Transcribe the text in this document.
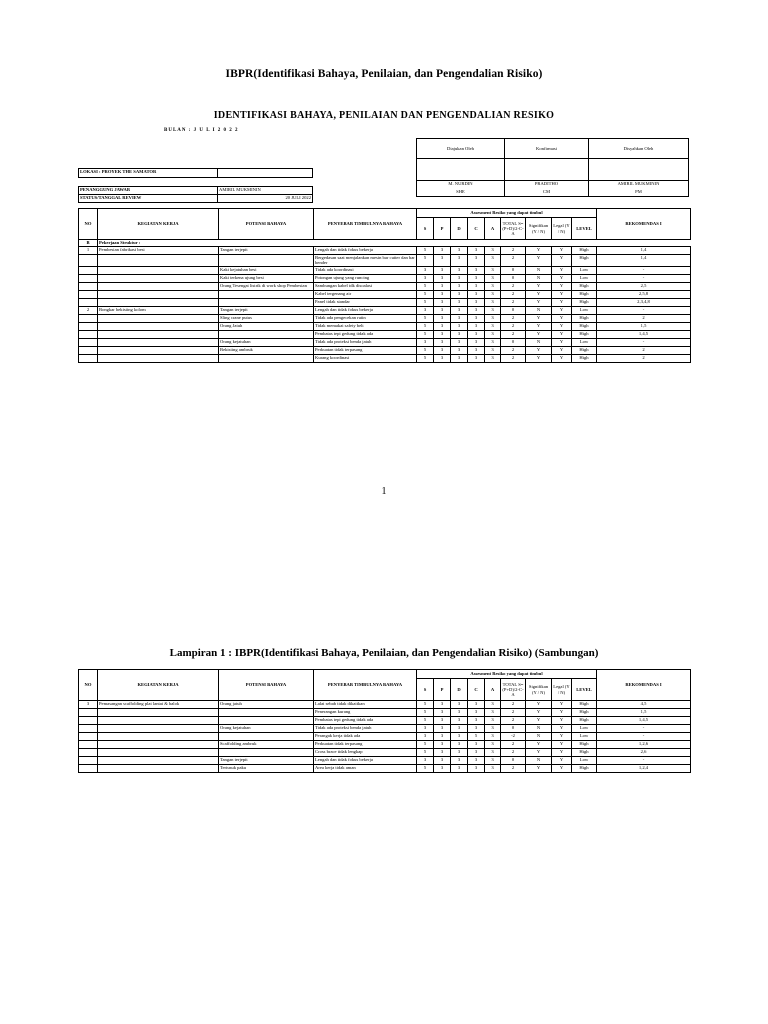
IBPR(Identifikasi Bahaya, Penilaian, dan Pengendalian Risiko)
IDENTIFIKASI BAHAYA, PENILAIAN DAN PENGENDALIAN RESIKO
BULAN : J U L I 2 0 2 2
Diajukan Oleh	Konfirmasi	Disyahkan Oleh

M. NURDIN	PRADITHO	AMIRIL MUKMININ
SHE	CM	PM
LOKASI : PROYEK THE SAMATOR	

PENANGGUNG JAWAB	AMIRIL MUKMININ
STATUS/TANGGAL REVIEW	20 JULI 2022
NO	KEGIATAN KERJA	POTENSI BAHAYA	PENYEBAB TIMBULNYA BAHAYA	Assesment Resiko yang dapat timbul									REKOMENDAS I
				S	P	D	C	A	TOTAL S=(P+D)/2-C-A	Signifikan (Y / N)	Legal (Y / N)	LEVEL	
B	Pekerjaan Struktur :												
1	Pembesian fabrikasi besi	Tangan terjepit	Lengah dan tidak fokus bekerja	5	3	3	3	3	2	Y	Y	High	1,4
			Bergedasan saat menjalankan mesin bar cutter dan bar bender	5	3	3	3	3	2	Y	Y	High	1,4
		Kaki kejatuhan besi	Tidak ada koordinasi	3	3	3	3	3	0	N	Y	Low	-
		Kaki terkena ujung besi	Potongan ujung yang runcing	3	3	3	3	3	0	N	Y	Low	-
		Orang Tesengat listrik di work shop Pembesian	Sambungan kabel tdk disoalasi	5	3	3	3	3	2	Y	Y	High	2,5
			Kabel tergenang air	5	3	3	3	3	2	Y	Y	High	2,5,8
			Panel tidak standar	5	3	3	3	3	2	Y	Y	High	2,3,4,8
2	Bongkar bekisting kolom	Tangan terjepit	Lengah dan tidak fokus bekerja	3	3	3	3	3	0	N	Y	Low	-
		Sling crane putus	Tidak ada pengecekan rutin	5	3	3	3	3	2	Y	Y	High	2
		Orang Jatuh	Tidak memakai safety belt	5	3	3	3	3	2	Y	Y	High	1,5
			Pembatas tepi gedung tidak ada	5	3	3	3	3	2	Y	Y	High	1,4,5
		Orang kejatuhan	Tidak ada proteksi benda jatuh	3	3	3	3	3	0	N	Y	Low	-
		Bekisting ambruk	Perkuatan tidak terpasang	5	3	3	3	3	2	Y	Y	High	2
			Kurang koordinasi	5	3	3	3	3	2	Y	Y	High	2
1
Lampiran 1 : IBPR(Identifikasi Bahaya, Penilaian, dan Pengendalian Risiko) (Sambungan)
NO	KEGIATAN KERJA	POTENSI BAHAYA	PENYEBAB TIMBULNYA BAHAYA	Assesment Resiko yang dapat timbul									REKOMENDAS I
				S	P	D	C	A	TOTAL S=(P+D)/2-C-A	Signifikan (Y / N)	Legal (Y / N)	LEVEL	
3	Pemasangan scaffolding plat lantai & balok	Orang jatuh	Lalai sebab tidak dikaitkan	5	3	3	3	3	2	Y	Y	High	4,5
			Penerangan kurang	5	3	3	3	3	2	Y	Y	High	1,5
			Pembatas tepi gedung tidak ada	5	3	3	3	3	2	Y	Y	High	1,4,5
		Orang kejatuhan	Tidak ada proteksi benda jatuh	3	3	3	3	3	0	N	Y	Low	-
			Perangak kerja tidak ada	3	3	3	5	3	-2	N	Y	Low	-
		Scaffolding ambruk	Perkuatan tidak terpasang	5	3	3	3	3	2	Y	Y	High	1,2,6
			Cross brace tidak lengkap	5	3	3	3	3	2	Y	Y	High	2,6
		Tangan terjepit	Lengah dan tidak fokus bekerja	3	3	3	3	3	0	N	Y	Low	-
		Tertusuk paku	Area kerja tidak aman	5	3	3	3	3	2	Y	Y	High	1,2,4
